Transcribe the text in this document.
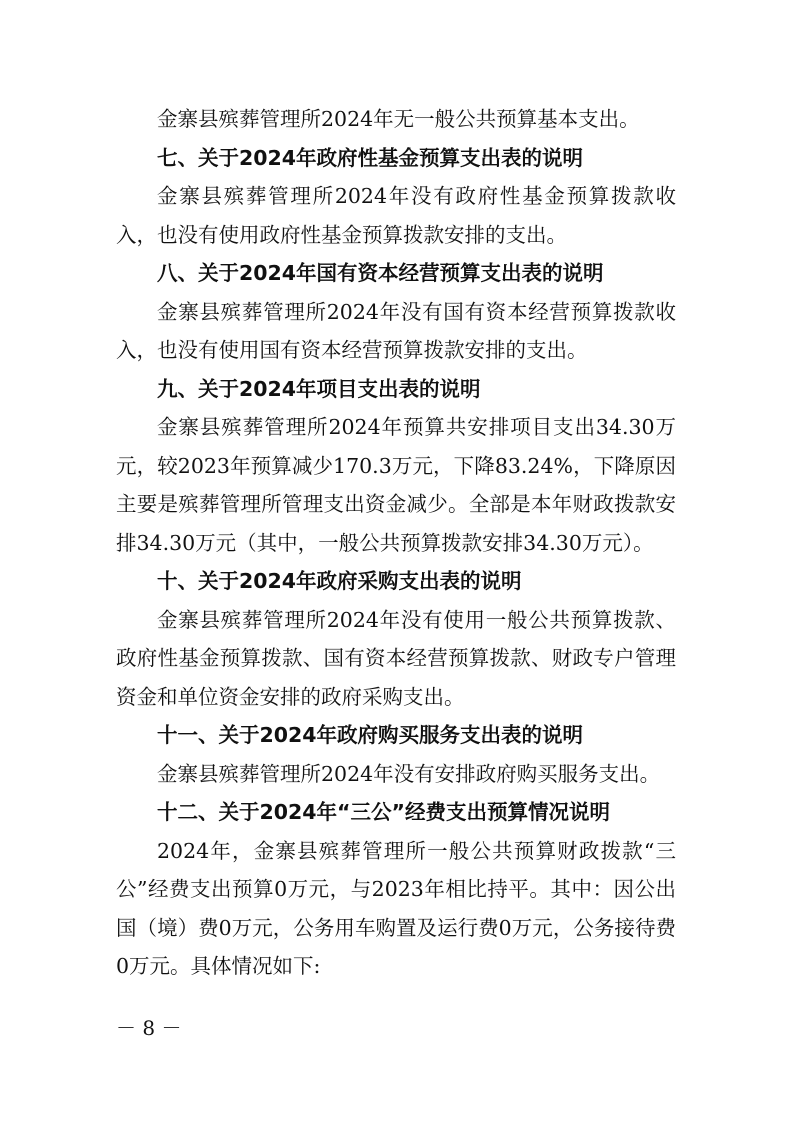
金寨县殡葬管理所2024年无一般公共预算基本支出。

七、关于2024年政府性基金预算支出表的说明

金寨县殡葬管理所2024年没有政府性基金预算拨款收入，也没有使用政府性基金预算拨款安排的支出。

八、关于2024年国有资本经营预算支出表的说明

金寨县殡葬管理所2024年没有国有资本经营预算拨款收入，也没有使用国有资本经营预算拨款安排的支出。

九、关于2024年项目支出表的说明

金寨县殡葬管理所2024年预算共安排项目支出34.30万元，较2023年预算减少170.3万元，下降83.24%，下降原因主要是殡葬管理所管理支出资金减少。全部是本年财政拨款安排34.30万元（其中，一般公共预算拨款安排34.30万元）。

十、关于2024年政府采购支出表的说明

金寨县殡葬管理所2024年没有使用一般公共预算拨款、政府性基金预算拨款、国有资本经营预算拨款、财政专户管理资金和单位资金安排的政府采购支出。

十一、关于2024年政府购买服务支出表的说明

金寨县殡葬管理所2024年没有安排政府购买服务支出。

十二、关于2024年“三公”经费支出预算情况说明

2024年，金寨县殡葬管理所一般公共预算财政拨款“三公”经费支出预算0万元，与2023年相比持平。其中：因公出国（境）费0万元，公务用车购置及运行费0万元，公务接待费0万元。具体情况如下:

－ 8 －
